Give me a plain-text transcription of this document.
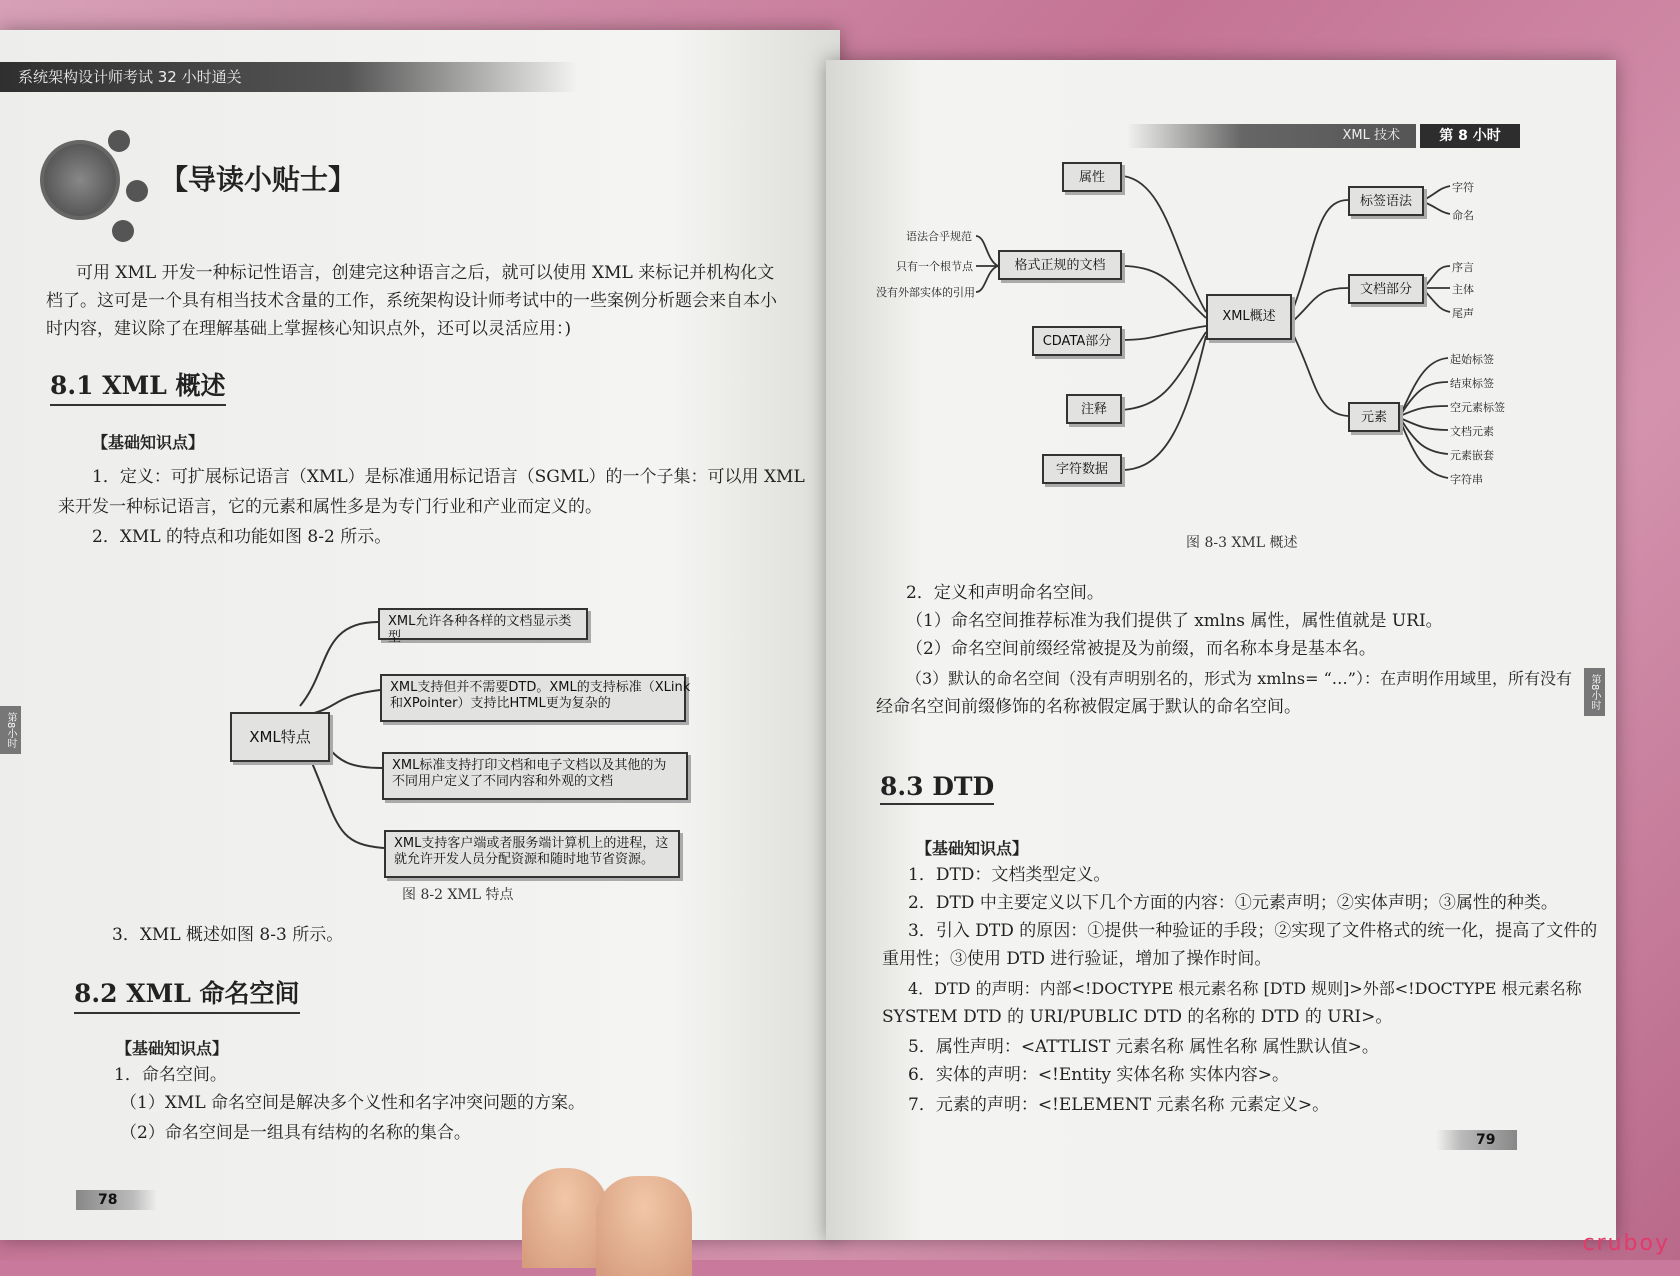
系统架构设计师考试 32 小时通关
【导读小贴士】
可用 XML 开发一种标记性语言，创建完这种语言之后，就可以使用 XML 来标记并机构化文
档了。这可是一个具有相当技术含量的工作，系统架构设计师考试中的一些案例分析题会来自本小
时内容，建议除了在理解基础上掌握核心知识点外，还可以灵活应用：)
8.1 XML 概述
【基础知识点】
1．定义：可扩展标记语言（XML）是标准通用标记语言（SGML）的一个子集：可以用 XML
来开发一种标记语言，它的元素和属性多是为专门行业和产业而定义的。
2．XML 的特点和功能如图 8-2 所示。
XML特点
XML允许各种各样的文档显示类型
XML支持但并不需要DTD。XML的支持标准（XLink
和XPointer）支持比HTML更为复杂的
XML标准支持打印文档和电子文档以及其他的为
不同用户定义了不同内容和外观的文档
XML支持客户端或者服务端计算机上的进程，这
就允许开发人员分配资源和随时地节省资源。
图 8-2 XML 特点
3．XML 概述如图 8-3 所示。
8.2 XML 命名空间
【基础知识点】
1．命名空间。
（1）XML 命名空间是解决多个义性和名字冲突问题的方案。
（2）命名空间是一组具有结构的名称的集合。
第8小时
78
XML 技术	第 8 小时
XML概述
属性
格式正规的文档
CDATA部分
注释
字符数据
语法合乎规范
只有一个根节点
没有外部实体的引用
标签语法
文档部分
元素
字符
命名
序言
主体
尾声
起始标签
结束标签
空元素标签
文档元素
元素嵌套
字符串
图 8-3 XML 概述
2．定义和声明命名空间。
（1）命名空间推荐标准为我们提供了 xmlns 属性，属性值就是 URI。
（2）命名空间前缀经常被提及为前缀，而名称本身是基本名。
（3）默认的命名空间（没有声明别名的，形式为 xmlns= “…”）：在声明作用域里，所有没有
经命名空间前缀修饰的名称被假定属于默认的命名空间。
8.3 DTD
【基础知识点】
1．DTD：文档类型定义。
2．DTD 中主要定义以下几个方面的内容：①元素声明；②实体声明；③属性的种类。
3．引入 DTD 的原因：①提供一种验证的手段；②实现了文件格式的统一化，提高了文件的
重用性；③使用 DTD 进行验证，增加了操作时间。
4．DTD 的声明：内部<!DOCTYPE 根元素名称 [DTD 规则]>外部<!DOCTYPE 根元素名称
SYSTEM DTD 的 URI/PUBLIC DTD 的名称的 DTD 的 URI>。
5．属性声明：<ATTLIST 元素名称 属性名称 属性默认值>。
6．实体的声明：<!Entity 实体名称 实体内容>。
7．元素的声明：<!ELEMENT 元素名称 元素定义>。
第8小时
79
cruboy
